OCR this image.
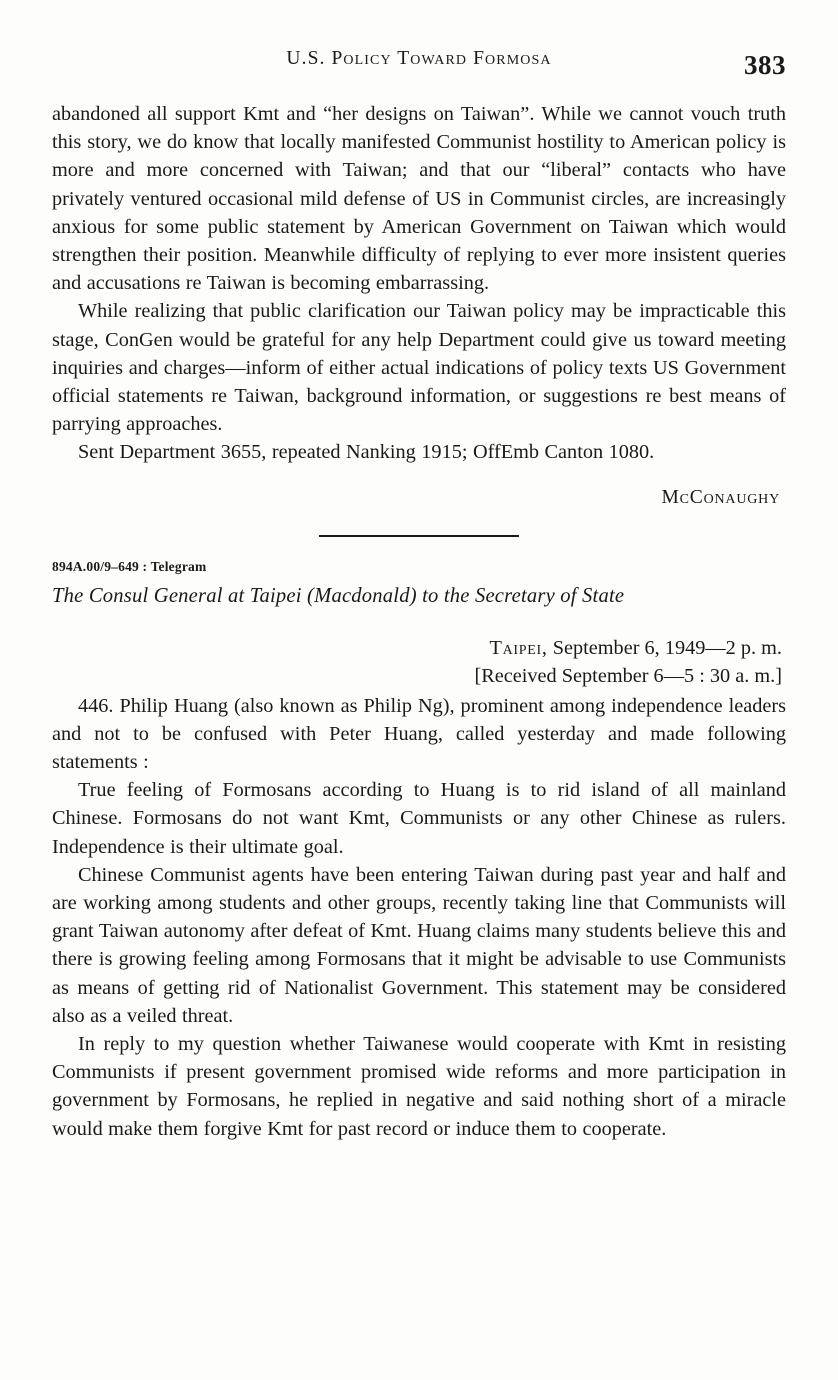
U.S. Policy Toward Formosa	383

abandoned all support Kmt and “her designs on Taiwan”. While we cannot vouch truth this story, we do know that locally manifested Communist hostility to American policy is more and more concerned with Taiwan; and that our “liberal” contacts who have privately ventured occasional mild defense of US in Communist circles, are increasingly anxious for some public statement by American Government on Taiwan which would strengthen their position. Meanwhile difficulty of replying to ever more insistent queries and accusations re Taiwan is becoming embarrassing.

While realizing that public clarification our Taiwan policy may be impracticable this stage, ConGen would be grateful for any help Department could give us toward meeting inquiries and charges—inform of either actual indications of policy texts US Government official statements re Taiwan, background information, or suggestions re best means of parrying approaches.

Sent Department 3655, repeated Nanking 1915; OffEmb Canton 1080.

McConaughy
894A.00/9–649 : Telegram
The Consul General at Taipei (Macdonald) to the Secretary of State
Taipei, September 6, 1949—2 p. m.
[Received September 6—5 : 30 a. m.]

446. Philip Huang (also known as Philip Ng), prominent among independence leaders and not to be confused with Peter Huang, called yesterday and made following statements :

True feeling of Formosans according to Huang is to rid island of all mainland Chinese. Formosans do not want Kmt, Communists or any other Chinese as rulers. Independence is their ultimate goal.

Chinese Communist agents have been entering Taiwan during past year and half and are working among students and other groups, recently taking line that Communists will grant Taiwan autonomy after defeat of Kmt. Huang claims many students believe this and there is growing feeling among Formosans that it might be advisable to use Communists as means of getting rid of Nationalist Government. This statement may be considered also as a veiled threat.

In reply to my question whether Taiwanese would cooperate with Kmt in resisting Communists if present government promised wide reforms and more participation in government by Formosans, he replied in negative and said nothing short of a miracle would make them forgive Kmt for past record or induce them to cooperate.
